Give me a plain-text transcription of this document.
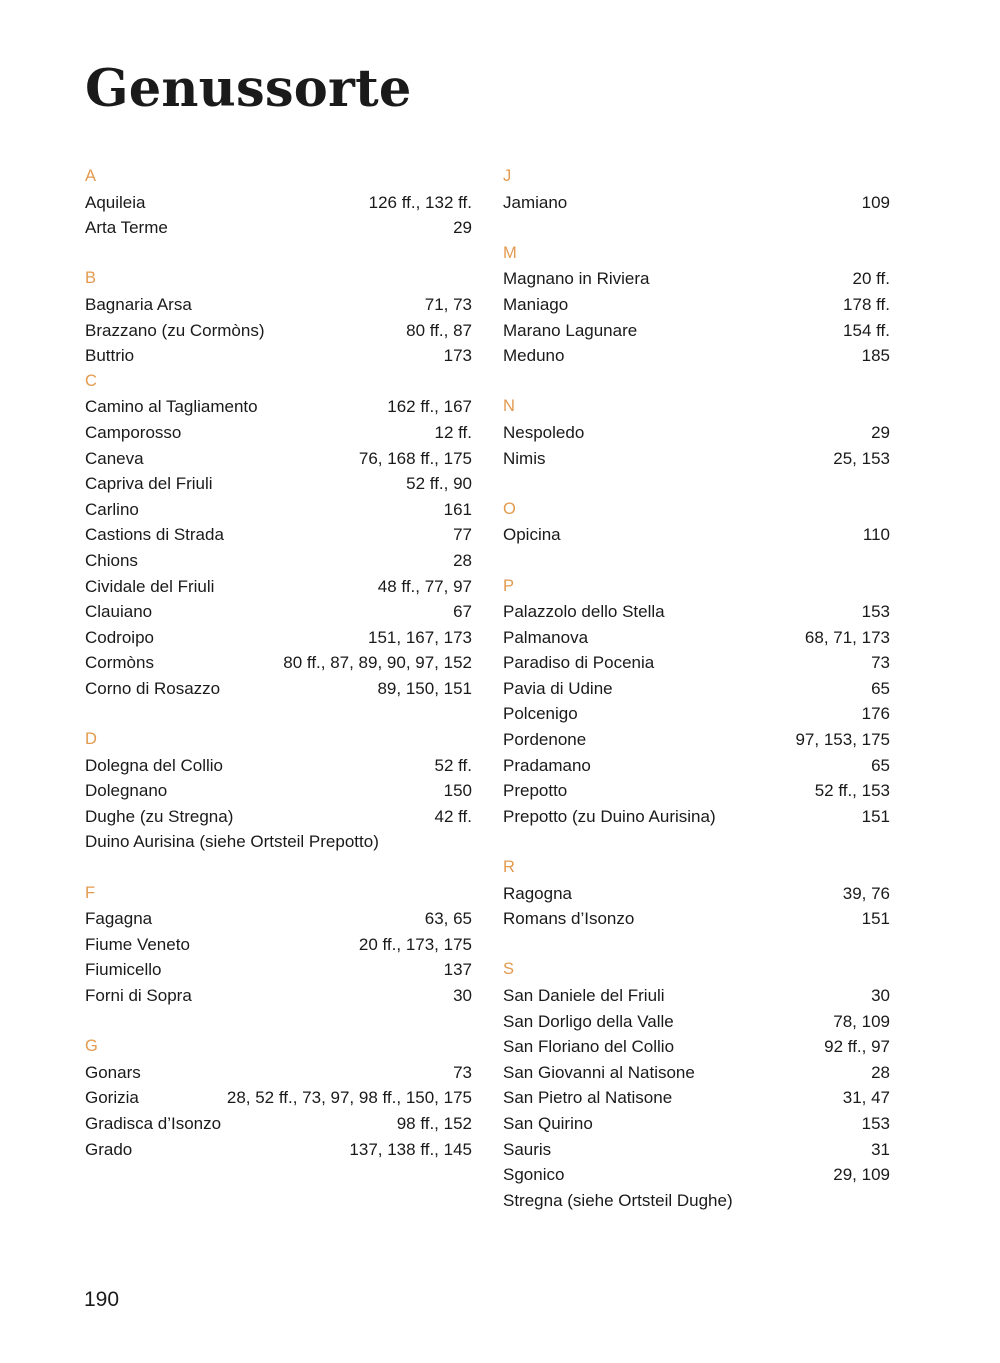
Genussorte
A
Aquileia	126 ff., 132 ff.
Arta Terme	29
B
Bagnaria Arsa	71, 73
Brazzano (zu Cormòns)	80 ff., 87
Buttrio	173
C
Camino al Tagliamento	162 ff., 167
Camporosso	12 ff.
Caneva	76, 168 ff., 175
Capriva del Friuli	52 ff., 90
Carlino	161
Castions di Strada	77
Chions	28
Cividale del Friuli	48 ff., 77, 97
Clauiano	67
Codroipo	151, 167, 173
Cormòns	80 ff., 87, 89, 90, 97, 152
Corno di Rosazzo	89, 150, 151
D
Dolegna del Collio	52 ff.
Dolegnano	150
Dughe (zu Stregna)	42 ff.
Duino Aurisina (siehe Ortsteil Prepotto)
F
Fagagna	63, 65
Fiume Veneto	20 ff., 173, 175
Fiumicello	137
Forni di Sopra	30
G
Gonars	73
Gorizia	28, 52 ff., 73, 97, 98 ff., 150, 175
Gradisca d’Isonzo	98 ff., 152
Grado	137, 138 ff., 145
J
Jamiano	109
M
Magnano in Riviera	20 ff.
Maniago	178 ff.
Marano Lagunare	154 ff.
Meduno	185
N
Nespoledo	29
Nimis	25, 153
O
Opicina	110
P
Palazzolo dello Stella	153
Palmanova	68, 71, 173
Paradiso di Pocenia	73
Pavia di Udine	65
Polcenigo	176
Pordenone	97, 153, 175
Pradamano	65
Prepotto	52 ff., 153
Prepotto (zu Duino Aurisina)	151
R
Ragogna	39, 76
Romans d’Isonzo	151
S
San Daniele del Friuli	30
San Dorligo della Valle	78, 109
San Floriano del Collio	92 ff., 97
San Giovanni al Natisone	28
San Pietro al Natisone	31, 47
San Quirino	153
Sauris	31
Sgonico	29, 109
Stregna (siehe Ortsteil Dughe)
190
